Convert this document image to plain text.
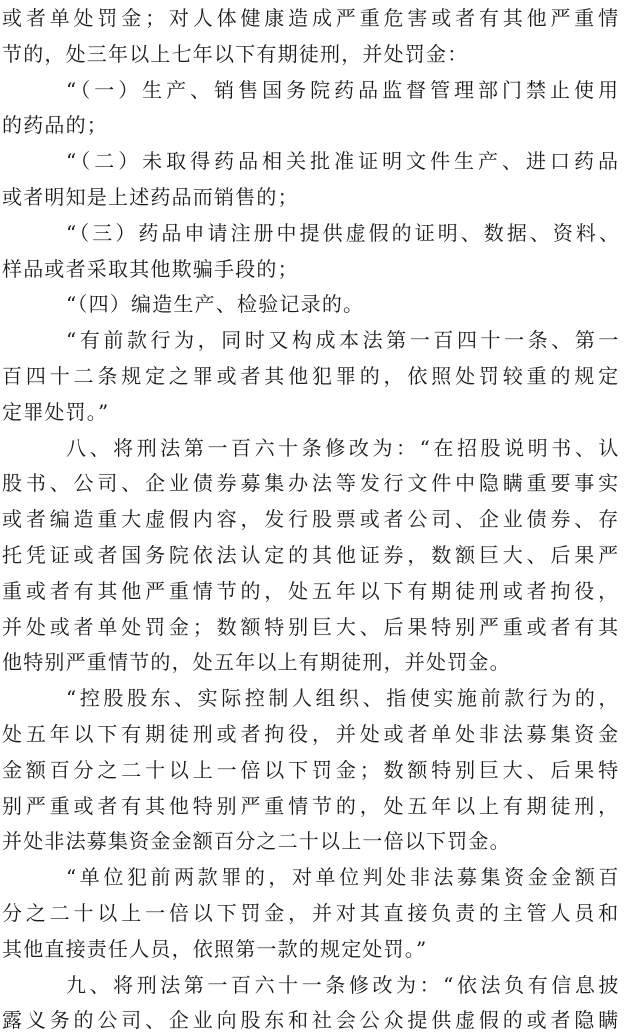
或者单处罚金；对人体健康造成严重危害或者有其他严重情
节的，处三年以上七年以下有期徒刑，并处罚金：
“（一）生产、销售国务院药品监督管理部门禁止使用
的药品的；
“（二）未取得药品相关批准证明文件生产、进口药品
或者明知是上述药品而销售的；
“（三）药品申请注册中提供虚假的证明、数据、资料、
样品或者采取其他欺骗手段的；
“（四）编造生产、检验记录的。
“有前款行为，同时又构成本法第一百四十一条、第一
百四十二条规定之罪或者其他犯罪的，依照处罚较重的规定
定罪处罚。”
八、将刑法第一百六十条修改为：“在招股说明书、认
股书、公司、企业债券募集办法等发行文件中隐瞒重要事实
或者编造重大虚假内容，发行股票或者公司、企业债券、存
托凭证或者国务院依法认定的其他证券，数额巨大、后果严
重或者有其他严重情节的，处五年以下有期徒刑或者拘役，
并处或者单处罚金；数额特别巨大、后果特别严重或者有其
他特别严重情节的，处五年以上有期徒刑，并处罚金。
“控股股东、实际控制人组织、指使实施前款行为的，
处五年以下有期徒刑或者拘役，并处或者单处非法募集资金
金额百分之二十以上一倍以下罚金；数额特别巨大、后果特
别严重或者有其他特别严重情节的，处五年以上有期徒刑，
并处非法募集资金金额百分之二十以上一倍以下罚金。
“单位犯前两款罪的，对单位判处非法募集资金金额百
分之二十以上一倍以下罚金，并对其直接负责的主管人员和
其他直接责任人员，依照第一款的规定处罚。”
九、将刑法第一百六十一条修改为：“依法负有信息披
露义务的公司、企业向股东和社会公众提供虚假的或者隐瞒
